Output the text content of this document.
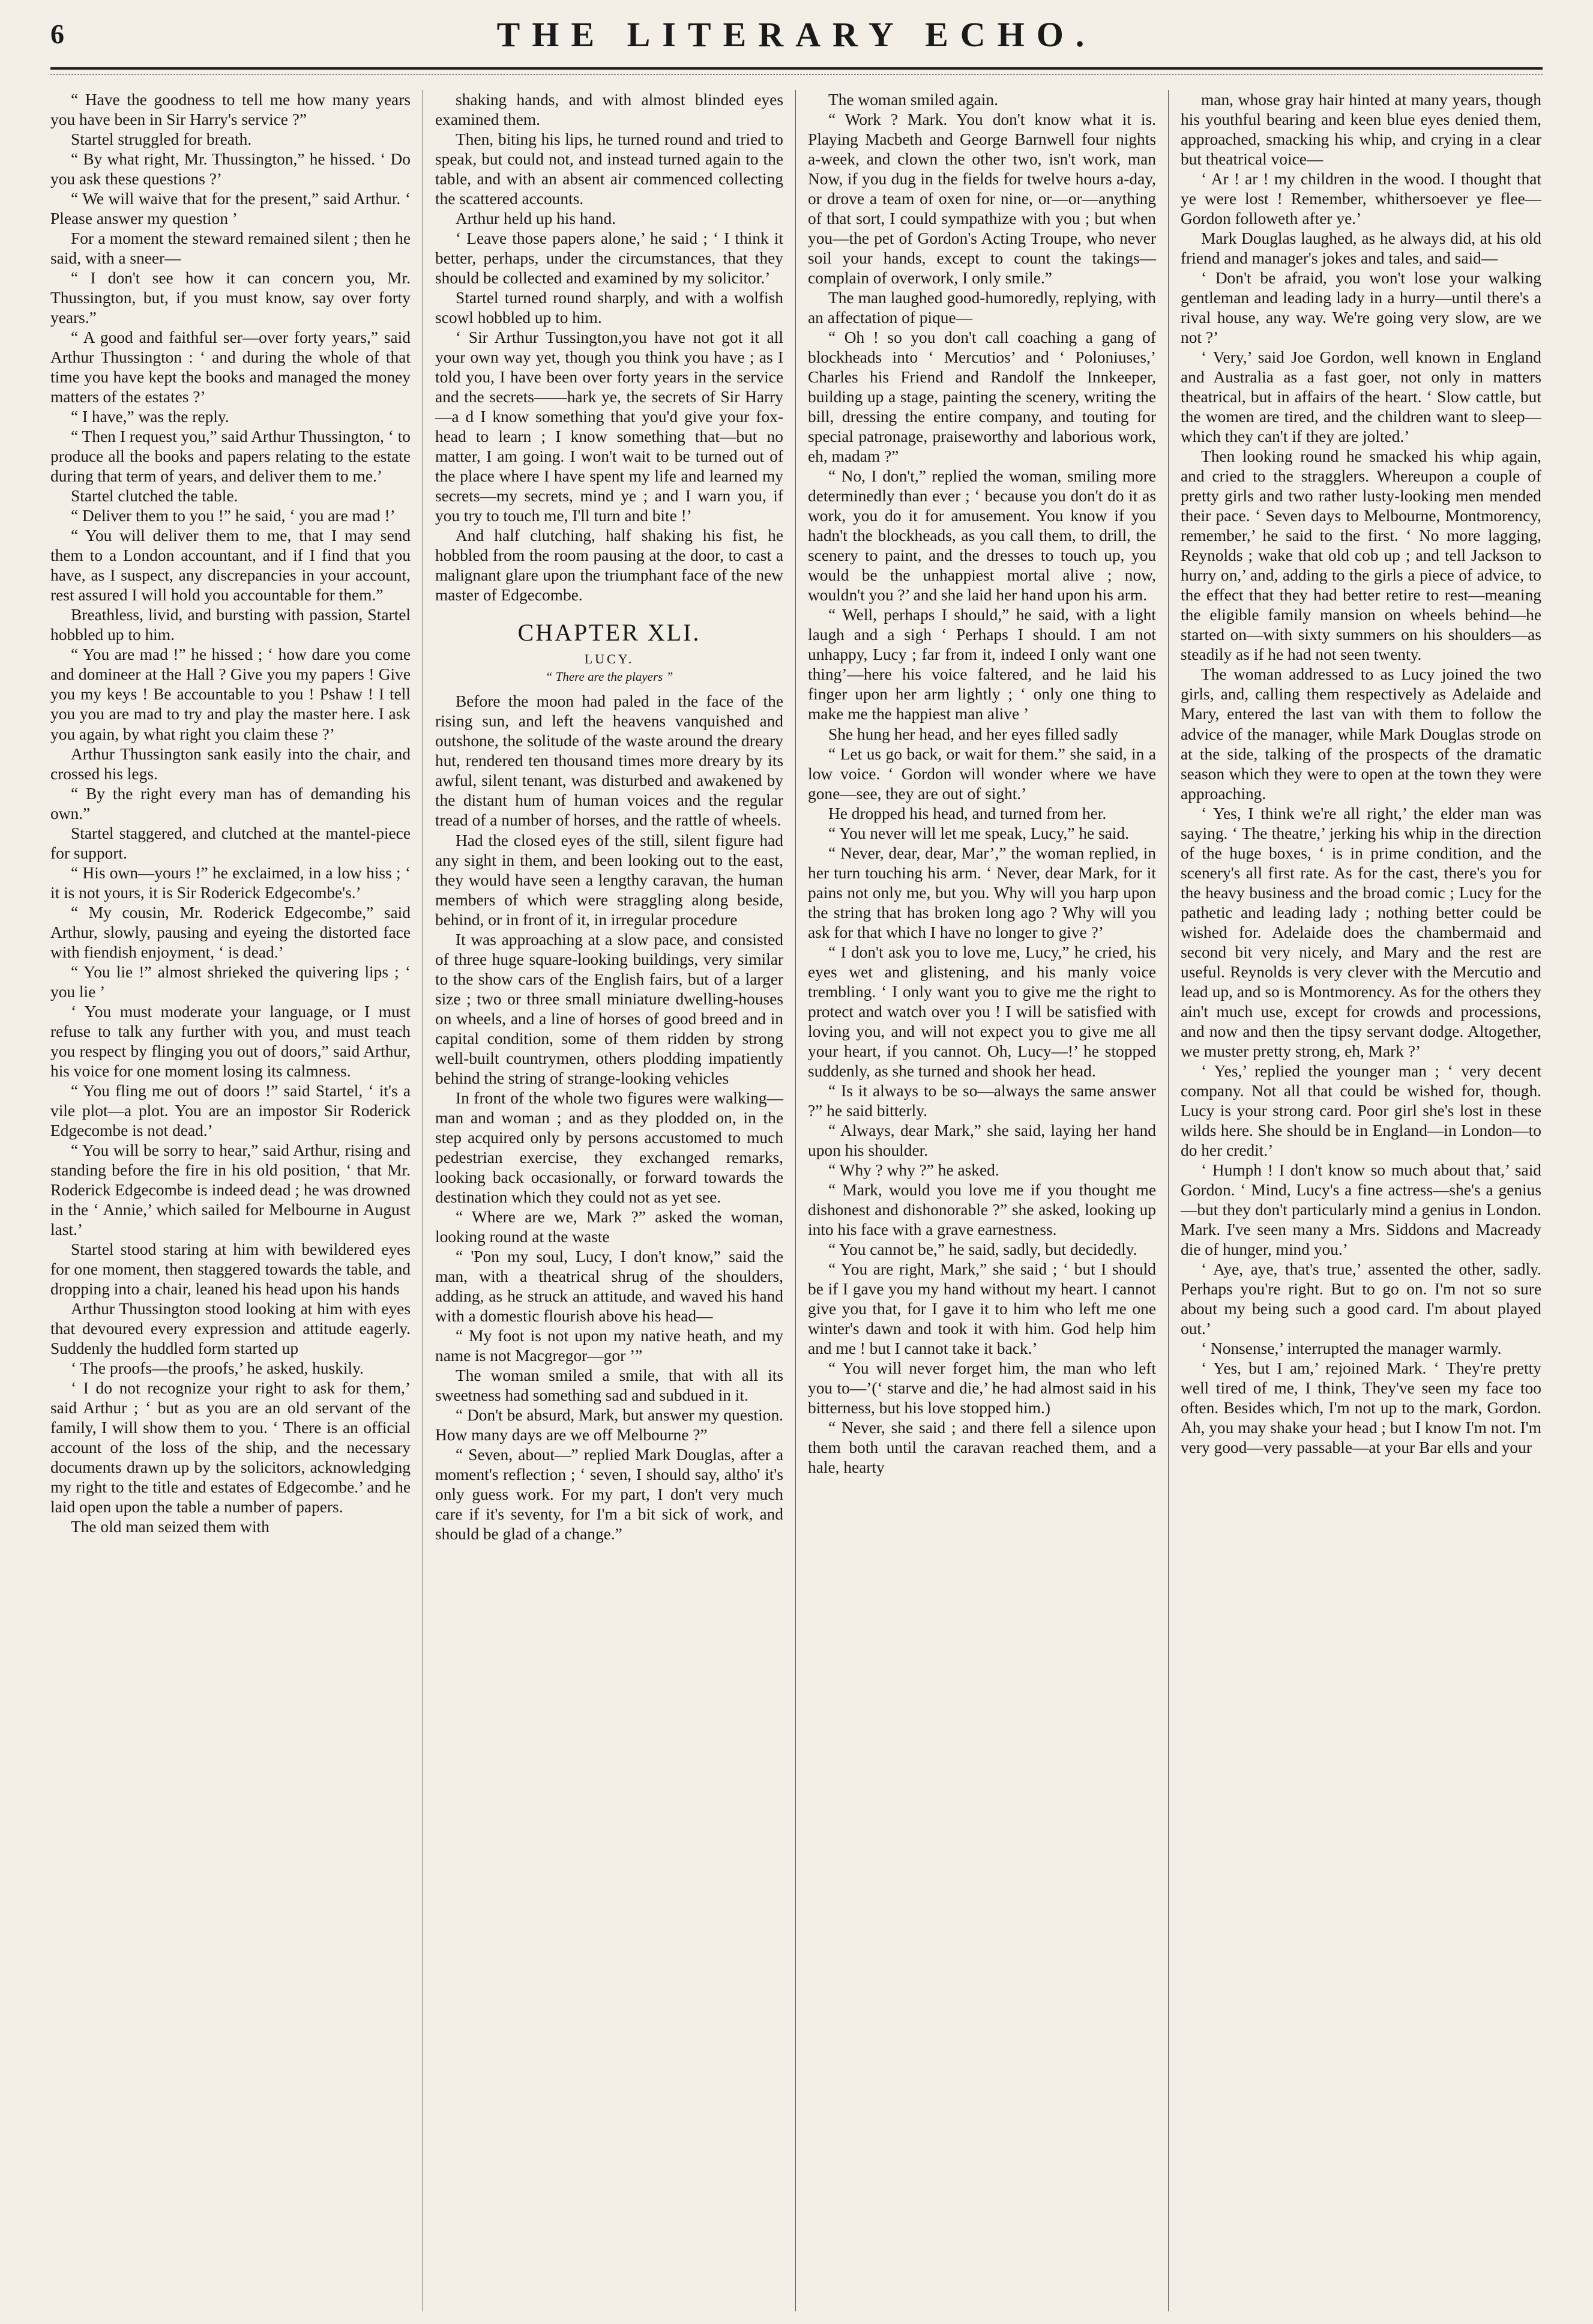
6	THE LITERARY ECHO.

“ Have the goodness to tell me how many years you have been in Sir Harry's service ?”

Startel struggled for breath.

“ By what right, Mr. Thussington,” he hissed. ‘ Do you ask these questions ?’

“ We will waive that for the present,” said Arthur. ‘ Please answer my question ’

For a moment the steward remained silent ; then he said, with a sneer—

“ I don't see how it can concern you, Mr. Thussington, but, if you must know, say over forty years.”

“ A good and faithful ser—over forty years,” said Arthur Thussington : ‘ and during the whole of that time you have kept the books and managed the money matters of the estates ?’

“ I have,” was the reply.

“ Then I request you,” said Arthur Thussington, ‘ to produce all the books and papers relating to the estate during that term of years, and deliver them to me.’

Startel clutched the table.

“ Deliver them to you !” he said, ‘ you are mad !’

“ You will deliver them to me, that I may send them to a London accountant, and if I find that you have, as I suspect, any discrepancies in your account, rest assured I will hold you accountable for them.”

Breathless, livid, and bursting with passion, Startel hobbled up to him.

“ You are mad !” he hissed ; ‘ how dare you come and domineer at the Hall ? Give you my papers ! Give you my keys ! Be accountable to you ! Pshaw ! I tell you you are mad to try and play the master here. I ask you again, by what right you claim these ?’

Arthur Thussington sank easily into the chair, and crossed his legs.

“ By the right every man has of demanding his own.”

Startel staggered, and clutched at the mantel-piece for support.

“ His own—yours !” he exclaimed, in a low hiss ; ‘ it is not yours, it is Sir Roderick Edgecombe's.’

“ My cousin, Mr. Roderick Edgecombe,” said Arthur, slowly, pausing and eyeing the distorted face with fiendish enjoyment, ‘ is dead.’

“ You lie !” almost shrieked the quivering lips ; ‘ you lie ’

‘ You must moderate your language, or I must refuse to talk any further with you, and must teach you respect by flinging you out of doors,” said Arthur, his voice for one moment losing its calmness.

“ You fling me out of doors !” said Startel, ‘ it's a vile plot—a plot. You are an impostor Sir Roderick Edgecombe is not dead.’

“ You will be sorry to hear,” said Arthur, rising and standing before the fire in his old position, ‘ that Mr. Roderick Edgecombe is indeed dead ; he was drowned in the ‘ Annie,’ which sailed for Melbourne in August last.’

Startel stood staring at him with bewildered eyes for one moment, then staggered towards the table, and dropping into a chair, leaned his head upon his hands

Arthur Thussington stood looking at him with eyes that devoured every expression and attitude eagerly. Suddenly the huddled form started up

‘ The proofs—the proofs,’ he asked, huskily.

‘ I do not recognize your right to ask for them,’ said Arthur ; ‘ but as you are an old servant of the family, I will show them to you. ‘ There is an official account of the loss of the ship, and the necessary documents drawn up by the solicitors, acknowledging my right to the title and estates of Edgecombe.’ and he laid open upon the table a number of papers.

The old man seized them with

shaking hands, and with almost blinded eyes examined them.

Then, biting his lips, he turned round and tried to speak, but could not, and instead turned again to the table, and with an absent air commenced collecting the scattered accounts.

Arthur held up his hand.

‘ Leave those papers alone,’ he said ; ‘ I think it better, perhaps, under the circumstances, that they should be collected and examined by my solicitor.’

Startel turned round sharply, and with a wolfish scowl hobbled up to him.

‘ Sir Arthur Tussington,you have not got it all your own way yet, though you think you have ; as I told you, I have been over forty years in the service and the secrets——hark ye, the secrets of Sir Harry—a d I know something that you'd give your fox-head to learn ; I know something that—but no matter, I am going. I won't wait to be turned out of the place where I have spent my life and learned my secrets—my secrets, mind ye ; and I warn you, if you try to touch me, I'll turn and bite !’

And half clutching, half shaking his fist, he hobbled from the room pausing at the door, to cast a malignant glare upon the triumphant face of the new master of Edgecombe.

CHAPTER XLI.
LUCY.
“ There are the players ”

Before the moon had paled in the face of the rising sun, and left the heavens vanquished and outshone, the solitude of the waste around the dreary hut, rendered ten thousand times more dreary by its awful, silent tenant, was disturbed and awakened by the distant hum of human voices and the regular tread of a number of horses, and the rattle of wheels.

Had the closed eyes of the still, silent figure had any sight in them, and been looking out to the east, they would have seen a lengthy caravan, the human members of which were straggling along beside, behind, or in front of it, in irregular procedure

It was approaching at a slow pace, and consisted of three huge square-looking buildings, very similar to the show cars of the English fairs, but of a larger size ; two or three small miniature dwelling-houses on wheels, and a line of horses of good breed and in capital condition, some of them ridden by strong well-built countrymen, others plodding impatiently behind the string of strange-looking vehicles

In front of the whole two figures were walking—man and woman ; and as they plodded on, in the step acquired only by persons accustomed to much pedestrian exercise, they exchanged remarks, looking back occasionally, or forward towards the destination which they could not as yet see.

“ Where are we, Mark ?” asked the woman, looking round at the waste

“ 'Pon my soul, Lucy, I don't know,” said the man, with a theatrical shrug of the shoulders, adding, as he struck an attitude, and waved his hand with a domestic flourish above his head—

“ My foot is not upon my native heath, and my name is not Macgregor—gor ’”

The woman smiled a smile, that with all its sweetness had something sad and subdued in it.

“ Don't be absurd, Mark, but answer my question. How many days are we off Melbourne ?”

“ Seven, about—” replied Mark Douglas, after a moment's reflection ; ‘ seven, I should say, altho' it's only guess work. For my part, I don't very much care if it's seventy, for I'm a bit sick of work, and should be glad of a change.”

The woman smiled again.

“ Work ? Mark. You don't know what it is. Playing Macbeth and George Barnwell four nights a-week, and clown the other two, isn't work, man Now, if you dug in the fields for twelve hours a-day, or drove a team of oxen for nine, or—or—anything of that sort, I could sympathize with you ; but when you—the pet of Gordon's Acting Troupe, who never soil your hands, except to count the takings—complain of overwork, I only smile.”

The man laughed good-humoredly, replying, with an affectation of pique—

“ Oh ! so you don't call coaching a gang of blockheads into ‘ Mercutios’ and ‘ Poloniuses,’ Charles his Friend and Randolf the Innkeeper, building up a stage, painting the scenery, writing the bill, dressing the entire company, and touting for special patronage, praiseworthy and laborious work, eh, madam ?”

“ No, I don't,” replied the woman, smiling more determinedly than ever ; ‘ because you don't do it as work, you do it for amusement. You know if you hadn't the blockheads, as you call them, to drill, the scenery to paint, and the dresses to touch up, you would be the unhappiest mortal alive ; now, wouldn't you ?’ and she laid her hand upon his arm.

“ Well, perhaps I should,” he said, with a light laugh and a sigh ‘ Perhaps I should. I am not unhappy, Lucy ; far from it, indeed I only want one thing’—here his voice faltered, and he laid his finger upon her arm lightly ; ‘ only one thing to make me the happiest man alive ’

She hung her head, and her eyes filled sadly

“ Let us go back, or wait for them.” she said, in a low voice. ‘ Gordon will wonder where we have gone—see, they are out of sight.’

He dropped his head, and turned from her.

“ You never will let me speak, Lucy,” he said.

“ Never, dear, dear, Mar’,” the woman replied, in her turn touching his arm. ‘ Never, dear Mark, for it pains not only me, but you. Why will you harp upon the string that has broken long ago ? Why will you ask for that which I have no longer to give ?’

“ I don't ask you to love me, Lucy,” he cried, his eyes wet and glistening, and his manly voice trembling. ‘ I only want you to give me the right to protect and watch over you ! I will be satisfied with loving you, and will not expect you to give me all your heart, if you cannot. Oh, Lucy—!’ he stopped suddenly, as she turned and shook her head.

“ Is it always to be so—always the same answer ?” he said bitterly.

“ Always, dear Mark,” she said, laying her hand upon his shoulder.

“ Why ? why ?” he asked.

“ Mark, would you love me if you thought me dishonest and dishonorable ?” she asked, looking up into his face with a grave earnestness.

“ You cannot be,” he said, sadly, but decidedly.

“ You are right, Mark,” she said ; ‘ but I should be if I gave you my hand without my heart. I cannot give you that, for I gave it to him who left me one winter's dawn and took it with him. God help him and me ! but I cannot take it back.’

“ You will never forget him, the man who left you to—’(‘ starve and die,’ he had almost said in his bitterness, but his love stopped him.)

“ Never, she said ; and there fell a silence upon them both until the caravan reached them, and a hale, hearty

man, whose gray hair hinted at many years, though his youthful bearing and keen blue eyes denied them, approached, smacking his whip, and crying in a clear but theatrical voice—

‘ Ar ! ar ! my children in the wood. I thought that ye were lost ! Remember, whithersoever ye flee—Gordon followeth after ye.’

Mark Douglas laughed, as he always did, at his old friend and manager's jokes and tales, and said—

‘ Don't be afraid, you won't lose your walking gentleman and leading lady in a hurry—until there's a rival house, any way. We're going very slow, are we not ?’

‘ Very,’ said Joe Gordon, well known in England and Australia as a fast goer, not only in matters theatrical, but in affairs of the heart. ‘ Slow cattle, but the women are tired, and the children want to sleep—which they can't if they are jolted.’

Then looking round he smacked his whip again, and cried to the stragglers. Whereupon a couple of pretty girls and two rather lusty-looking men mended their pace. ‘ Seven days to Melbourne, Montmorency, remember,’ he said to the first. ‘ No more lagging, Reynolds ; wake that old cob up ; and tell Jackson to hurry on,’ and, adding to the girls a piece of advice, to the effect that they had better retire to rest—meaning the eligible family mansion on wheels behind—he started on—with sixty summers on his shoulders—as steadily as if he had not seen twenty.

The woman addressed to as Lucy joined the two girls, and, calling them respectively as Adelaide and Mary, entered the last van with them to follow the advice of the manager, while Mark Douglas strode on at the side, talking of the prospects of the dramatic season which they were to open at the town they were approaching.

‘ Yes, I think we're all right,’ the elder man was saying. ‘ The theatre,’ jerking his whip in the direction of the huge boxes, ‘ is in prime condition, and the scenery's all first rate. As for the cast, there's you for the heavy business and the broad comic ; Lucy for the pathetic and leading lady ; nothing better could be wished for. Adelaide does the chambermaid and second bit very nicely, and Mary and the rest are useful. Reynolds is very clever with the Mercutio and lead up, and so is Montmorency. As for the others they ain't much use, except for crowds and processions, and now and then the tipsy servant dodge. Altogether, we muster pretty strong, eh, Mark ?’

‘ Yes,’ replied the younger man ; ‘ very decent company. Not all that could be wished for, though. Lucy is your strong card. Poor girl she's lost in these wilds here. She should be in England—in London—to do her credit.’

‘ Humph ! I don't know so much about that,’ said Gordon. ‘ Mind, Lucy's a fine actress—she's a genius—but they don't particularly mind a genius in London. Mark. I've seen many a Mrs. Siddons and Macready die of hunger, mind you.’

‘ Aye, aye, that's true,’ assented the other, sadly. Perhaps you're right. But to go on. I'm not so sure about my being such a good card. I'm about played out.’

‘ Nonsense,’ interrupted the manager warmly.

‘ Yes, but I am,’ rejoined Mark. ‘ They're pretty well tired of me, I think, They've seen my face too often. Besides which, I'm not up to the mark, Gordon. Ah, you may shake your head ; but I know I'm not. I'm very good—very passable—at your Bar ells and your
